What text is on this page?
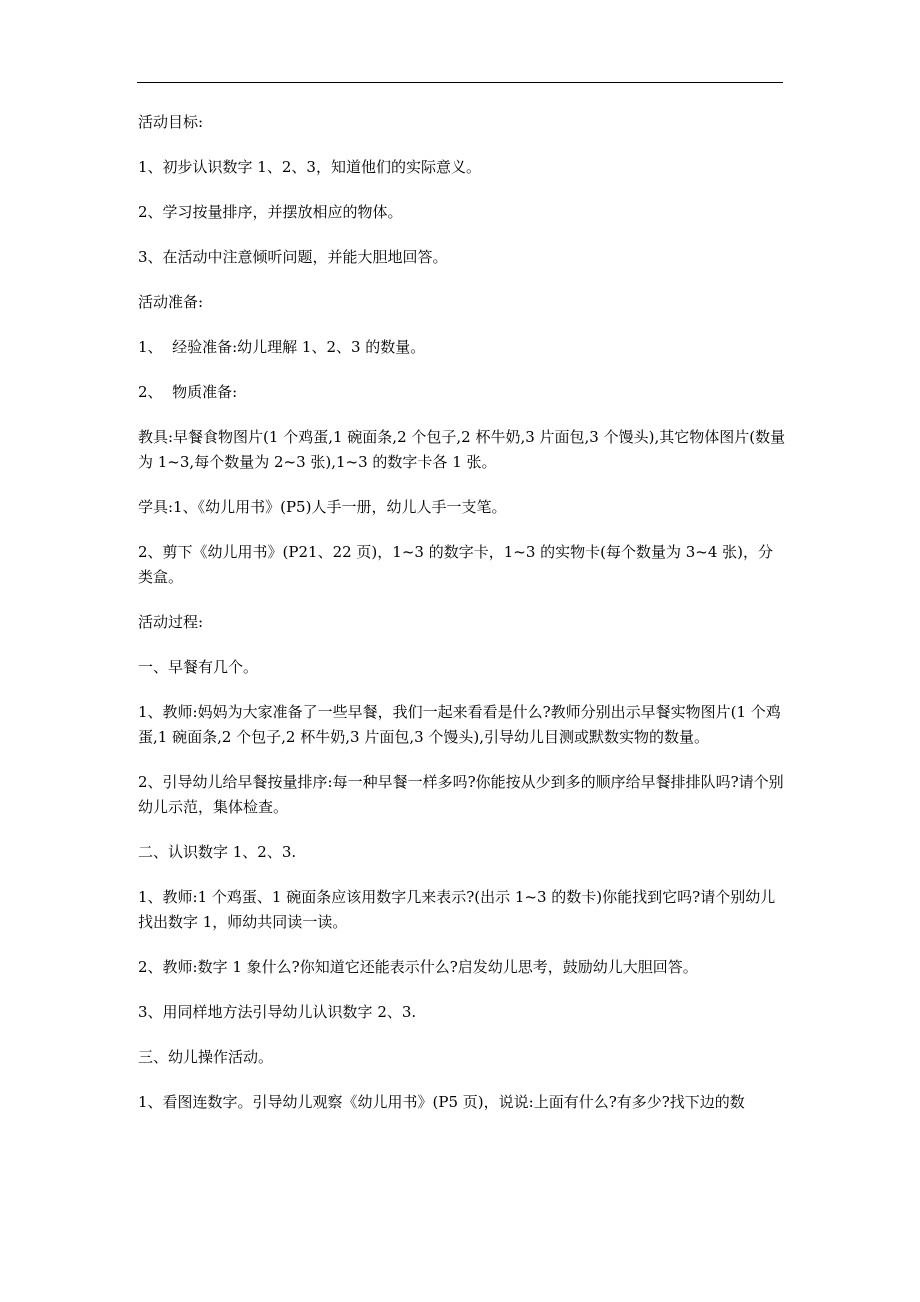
活动目标:

1、初步认识数字 1、2、3，知道他们的实际意义。

2、学习按量排序，并摆放相应的物体。

3、在活动中注意倾听问题，并能大胆地回答。

活动准备:

1、  经验准备:幼儿理解 1、2、3 的数量。

2、  物质准备:

教具:早餐食物图片(1 个鸡蛋,1 碗面条,2 个包子,2 杯牛奶,3 片面包,3 个馒头),其它物体图片(数量为 1~3,每个数量为 2~3 张),1~3 的数字卡各 1 张。

学具:1、《幼儿用书》(P5)人手一册，幼儿人手一支笔。

2、剪下《幼儿用书》(P21、22 页)，1~3 的数字卡，1~3 的实物卡(每个数量为 3~4 张)，分类盒。

活动过程:

一、早餐有几个。

1、教师:妈妈为大家准备了一些早餐，我们一起来看看是什么?教师分别出示早餐实物图片(1 个鸡蛋,1 碗面条,2 个包子,2 杯牛奶,3 片面包,3 个馒头),引导幼儿目测或默数实物的数量。

2、引导幼儿给早餐按量排序:每一种早餐一样多吗?你能按从少到多的顺序给早餐排排队吗?请个别幼儿示范，集体检查。

二、认识数字 1、2、3.

1、教师:1 个鸡蛋、1 碗面条应该用数字几来表示?(出示 1~3 的数卡)你能找到它吗?请个别幼儿找出数字 1，师幼共同读一读。

2、教师:数字 1 象什么?你知道它还能表示什么?启发幼儿思考，鼓励幼儿大胆回答。

3、用同样地方法引导幼儿认识数字 2、3.

三、幼儿操作活动。

1、看图连数字。引导幼儿观察《幼儿用书》(P5 页)，说说:上面有什么?有多少?找下边的数
